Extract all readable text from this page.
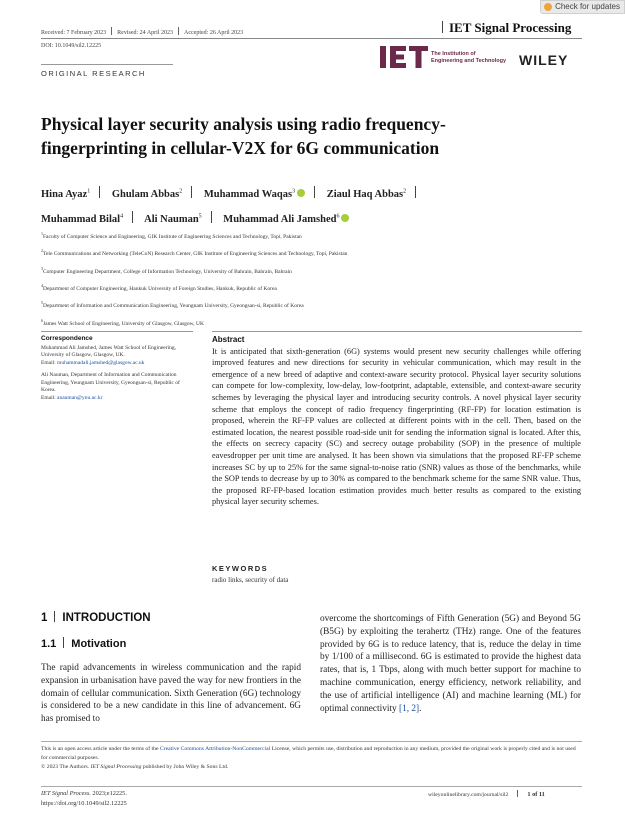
Check for updates
Received: 7 February 2023 Revised: 24 April 2023 Accepted: 26 April 2023	IET Signal Processing
DOI: 10.1049/sil2.12225
The Institution of
Engineering and Technology WILEY
ORIGINAL RESEARCH
Physical layer security analysis using radio frequency-fingerprinting in cellular-V2X for 6G communication
Hina Ayaz$^1$ Ghulam Abbas$^2$ Muhammad Waqas$^3$	Ziaul Haq Abbas$^2$
Muhammad Bilal$^4$ Ali Nauman$^5$ Muhammad Ali Jamshed$^6$
$^1$Faculty of Computer Science and Engineering, GIK Institute of Engineering Sciences and Technology, Topi, Pakistan
$^2$Tele Communications and Networking (TeleCoN) Research Center, GIK Institute of Engineering Sciences and Technology, Topi, Pakistan
$^3$Computer Engineering Department, College of Information Technology, University of Bahrain, Bahrain, Bahrain
$^4$Department of Computer Engineering, Hankuk University of Foreign Studies, Hankuk, Republic of Korea
$^5$Department of Information and Communication Engineering, Yeungnam University, Gyeongsan-si, Republic of Korea
$^6$James Watt School of Engineering, University of Glasgow, Glasgow, UK
Correspondence
Muhammad Ali Jamshed, James Watt School of Engineering, University of Glasgow, Glasgow, UK.
Email: muhammadali.jamshed@glasgow.ac.uk
Ali Nauman, Department of Information and Communication Engineering, Yeungnam University, Gyeongsan-si, Republic of Korea.
Email: anauman@ynu.ac.kr
Abstract
It is anticipated that sixth-generation (6G) systems would present new security challenges while offering improved features and new directions for security in vehicular communication, which may result in the emergence of a new breed of adaptive and context-aware security protocol. Physical layer security solutions can compete for low-complexity, low-delay, low-footprint, adaptable, extensible, and context-aware security schemes by leveraging the physical layer and introducing security controls. A novel physical layer security scheme that employs the concept of radio frequency fingerprinting (RF-FP) for location estimation is proposed, wherein the RF-FP values are collected at different points with in the cell. Then, based on the estimated location, the nearest possible road-side unit for sending the information signal is located. After this, the effects on secrecy capacity (SC) and secrecy outage probability (SOP) in the presence of multiple eavesdropper per unit time are analysed. It has been shown via simulations that the proposed RF-FP scheme increases SC by up to 25% for the same signal-to-noise ratio (SNR) values as those of the benchmarks, while the SOP tends to decrease by up to 30% as compared to the benchmark scheme for the same SNR value. Thus, the proposed RF-FP-based location estimation provides much better results as compared to the existing physical layer security schemes.
KEYWORDS
radio links, security of data
1 INTRODUCTION
1.1 Motivation
The rapid advancements in wireless communication and the rapid expansion in urbanisation have paved the way for new frontiers in the domain of cellular communication. Sixth Generation (6G) technology is considered to be a new candidate in this line of advancement. 6G has promised to
overcome the shortcomings of Fifth Generation (5G) and Beyond 5G (B5G) by exploiting the terahertz (THz) range. One of the features provided by 6G is to reduce latency, that is, reduce the delay in time by 1/100 of a millisecond. 6G is estimated to provide the highest data rates, that is, 1 Tbps, along with much better support for machine to machine communication, energy efficiency, network reliability, and the use of artificial intelligence (AI) and machine learning (ML) for optimal connectivity [1, 2].
This is an open access article under the terms of the Creative Commons Attribution-NonCommercial License, which permits use, distribution and reproduction in any medium, provided the original work is properly cited and is not used for commercial purposes.
© 2023 The Authors. IET Signal Processing published by John Wiley & Sons Ltd.
IET Signal Process. 2023;e12225.
https://doi.org/10.1049/sil2.12225
wileyonlinelibrary.com/journal/sil2	1 of 11
